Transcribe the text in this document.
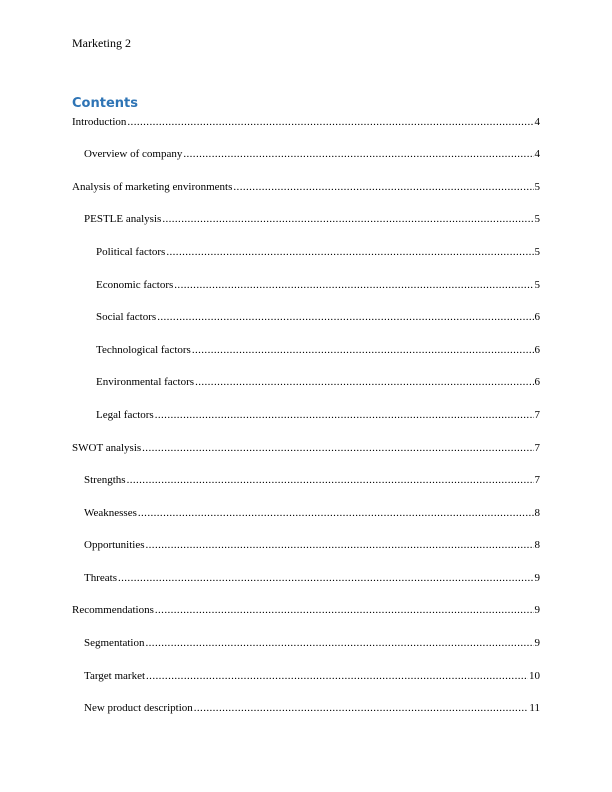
Marketing 2
Contents
Introduction .....	4
Overview of company .....	4
Analysis of marketing environments .....	5
PESTLE analysis .....	5
Political factors .....	5
Economic factors .....	5
Social factors .....	6
Technological factors .....	6
Environmental factors .....	6
Legal factors .....	7
SWOT analysis .....	7
Strengths .....	7
Weaknesses .....	8
Opportunities .....	8
Threats .....	9
Recommendations .....	9
Segmentation .....	9
Target market .....	10
New product description .....	11
